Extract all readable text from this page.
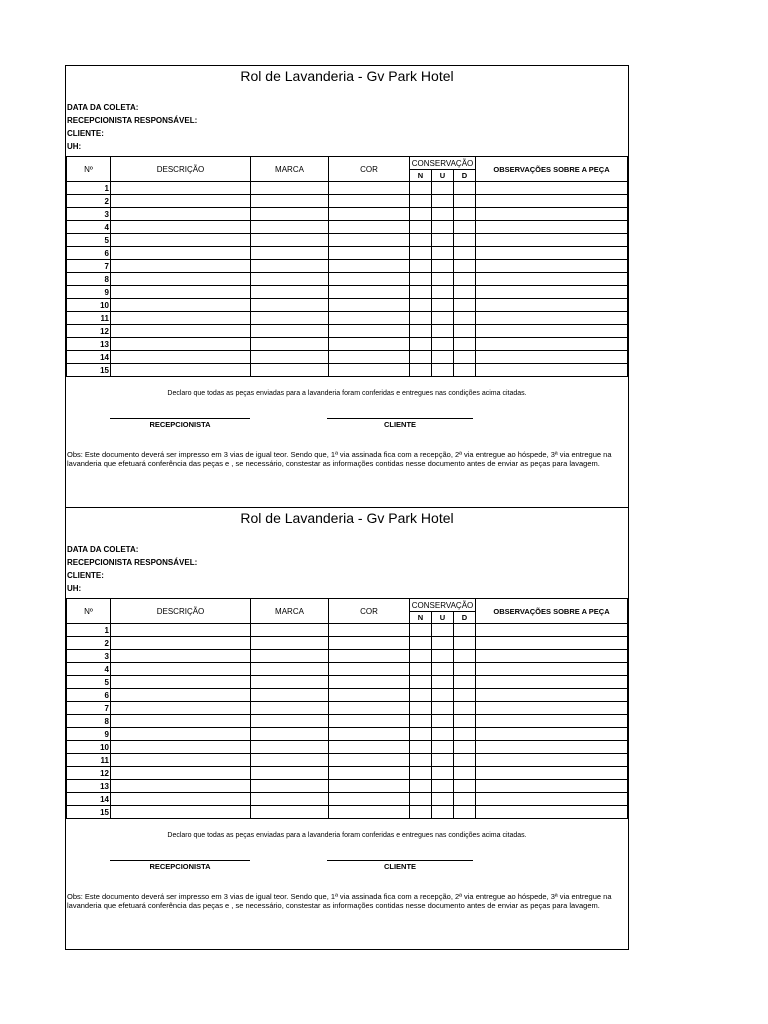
Rol de Lavanderia - Gv Park Hotel
DATA DA COLETA:
RECEPCIONISTA RESPONSÁVEL:
CLIENTE:
UH:
Nº	DESCRIÇÃO	MARCA	COR	CONSERVAÇÃO			OBSERVAÇÕES SOBRE A PEÇA
				N	U	D	
1							
2							
3							
4							
5							
6							
7							
8							
9							
10							
11							
12							
13							
14							
15							
Declaro que todas as peças enviadas para a lavanderia foram conferidas e entregues nas condições acima citadas.
RECEPCIONISTA	CLIENTE
Obs: Este documento deverá ser impresso em 3 vias de igual teor. Sendo que, 1ª via assinada fica com a recepção, 2ª via entregue ao hóspede, 3ª via entregue na lavanderia que efetuará conferência das peças e , se necessário, constestar as informações contidas nesse documento antes de enviar as peças para lavagem.
Rol de Lavanderia - Gv Park Hotel
DATA DA COLETA:
RECEPCIONISTA RESPONSÁVEL:
CLIENTE:
UH:
Nº	DESCRIÇÃO	MARCA	COR	CONSERVAÇÃO			OBSERVAÇÕES SOBRE A PEÇA
				N	U	D	
1							
2							
3							
4							
5							
6							
7							
8							
9							
10							
11							
12							
13							
14							
15							
Declaro que todas as peças enviadas para a lavanderia foram conferidas e entregues nas condições acima citadas.
RECEPCIONISTA	CLIENTE
Obs: Este documento deverá ser impresso em 3 vias de igual teor. Sendo que, 1ª via assinada fica com a recepção, 2ª via entregue ao hóspede, 3ª via entregue na lavanderia que efetuará conferência das peças e , se necessário, constestar as informações contidas nesse documento antes de enviar as peças para lavagem.
